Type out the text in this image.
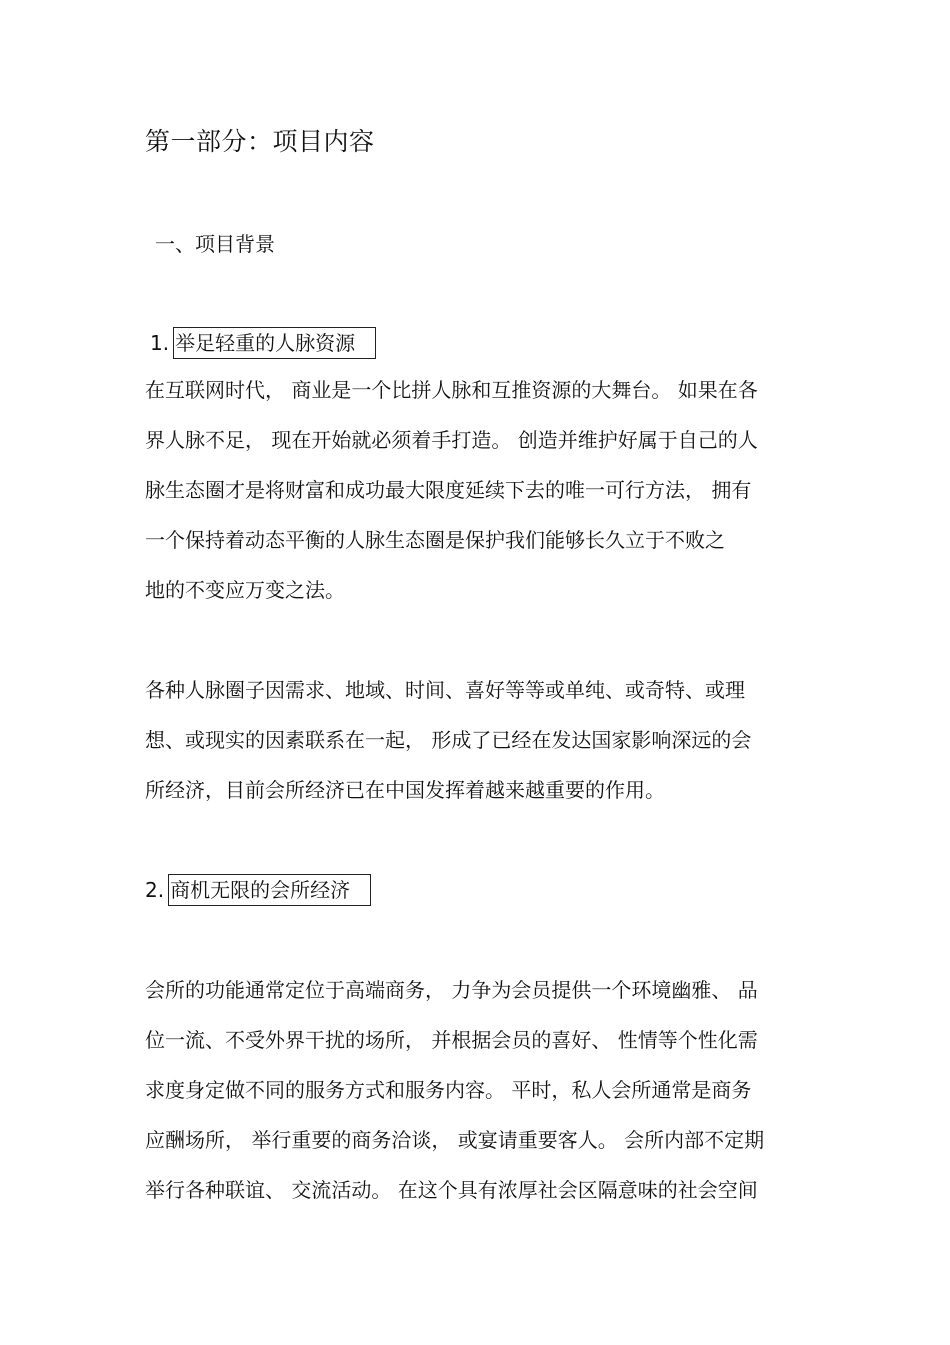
第一部分：项目内容
一、项目背景
1. 举足轻重的人脉资源
在互联网时代， 商业是一个比拼人脉和互推资源的大舞台。 如果在各
界人脉不足， 现在开始就必须着手打造。 创造并维护好属于自己的人
脉生态圈才是将财富和成功最大限度延续下去的唯一可行方法， 拥有
一个保持着动态平衡的人脉生态圈是保护我们能够长久立于不败之
地的不变应万变之法。
各种人脉圈子因需求、地域、时间、喜好等等或单纯、或奇特、或理
想、或现实的因素联系在一起， 形成了已经在发达国家影响深远的会
所经济，目前会所经济已在中国发挥着越来越重要的作用。
2. 商机无限的会所经济
会所的功能通常定位于高端商务， 力争为会员提供一个环境幽雅、 品
位一流、不受外界干扰的场所， 并根据会员的喜好、 性情等个性化需
求度身定做不同的服务方式和服务内容。 平时，私人会所通常是商务
应酬场所， 举行重要的商务洽谈， 或宴请重要客人。 会所内部不定期
举行各种联谊、 交流活动。 在这个具有浓厚社会区隔意味的社会空间
